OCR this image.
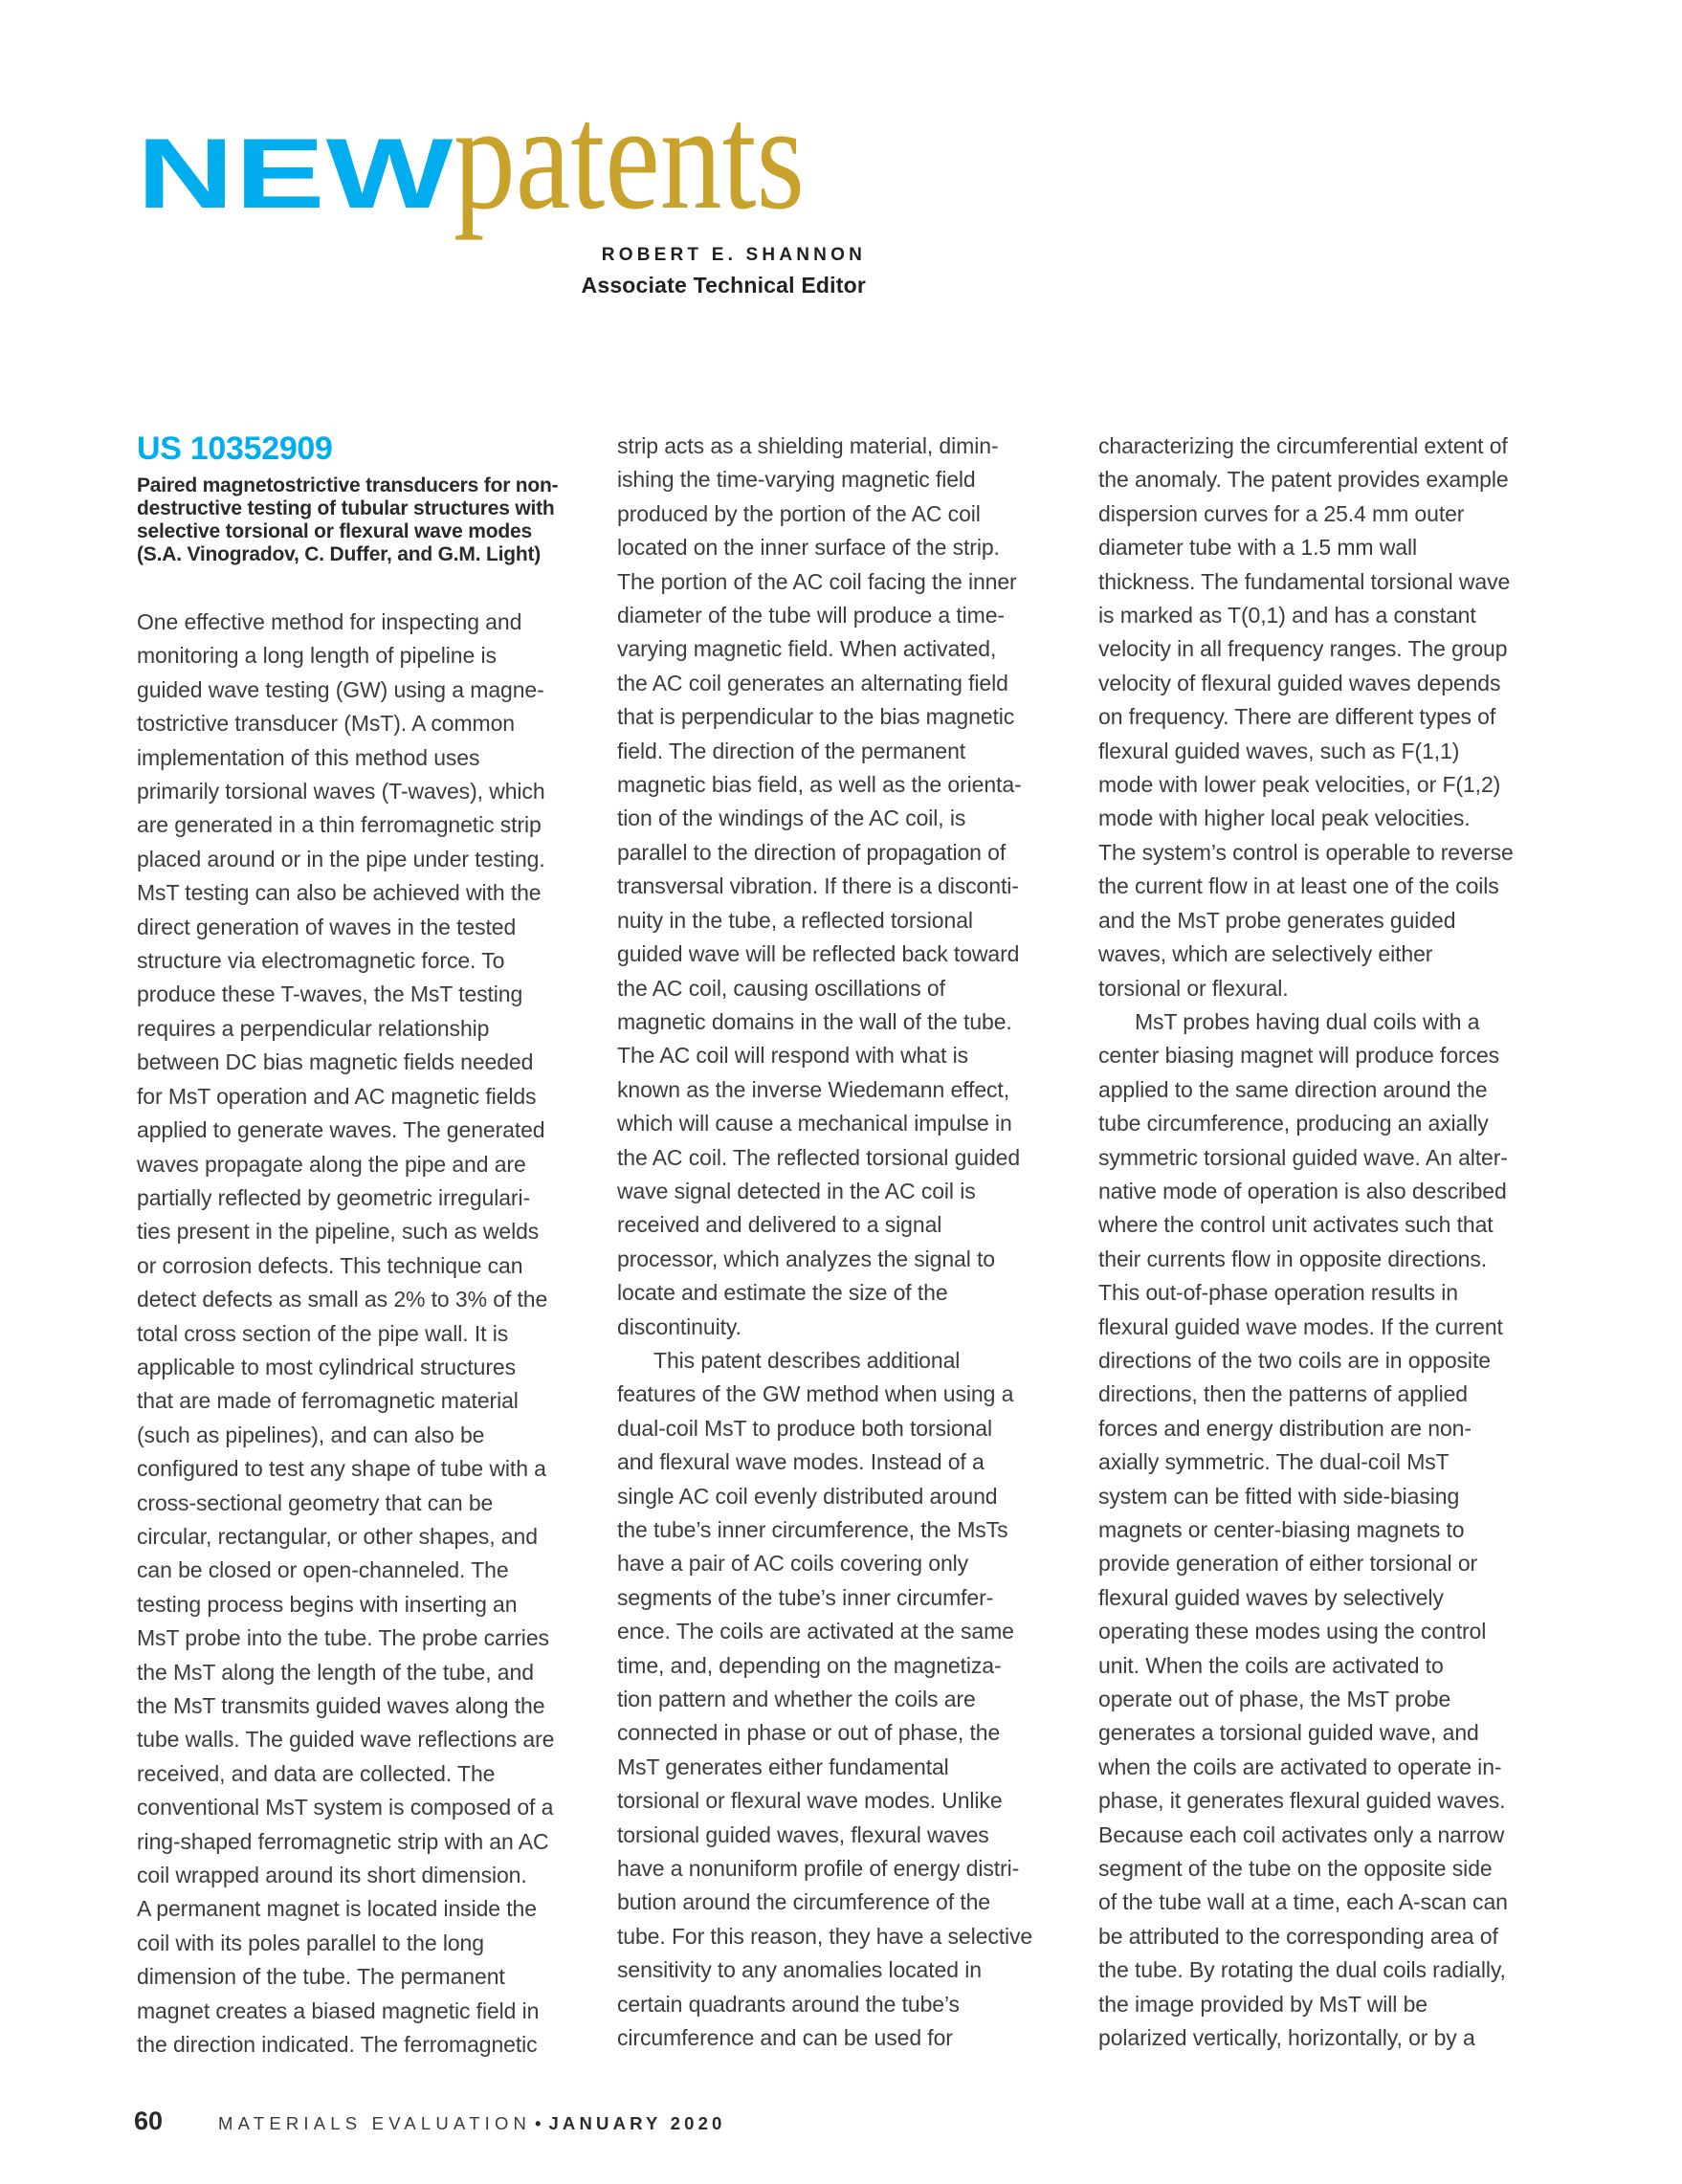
NEW patents
ROBERT E. SHANNON
Associate Technical Editor
US 10352909
Paired magnetostrictive transducers for non-
destructive testing of tubular structures with
selective torsional or flexural wave modes
(S.A. Vinogradov, C. Duffer, and G.M. Light)
One effective method for inspecting and
monitoring a long length of pipeline is
guided wave testing (GW) using a magne-
tostrictive transducer (MsT). A common
implementation of this method uses
primarily torsional waves (T-waves), which
are generated in a thin ferromagnetic strip
placed around or in the pipe under testing.
MsT testing can also be achieved with the
direct generation of waves in the tested
structure via electromagnetic force. To
produce these T-waves, the MsT testing
requires a perpendicular relationship
between DC bias magnetic fields needed
for MsT operation and AC magnetic fields
applied to generate waves. The generated
waves propagate along the pipe and are
partially reflected by geometric irregulari-
ties present in the pipeline, such as welds
or corrosion defects. This technique can
detect defects as small as 2% to 3% of the
total cross section of the pipe wall. It is
applicable to most cylindrical structures
that are made of ferromagnetic material
(such as pipelines), and can also be
configured to test any shape of tube with a
cross-sectional geometry that can be
circular, rectangular, or other shapes, and
can be closed or open-channeled. The
testing process begins with inserting an
MsT probe into the tube. The probe carries
the MsT along the length of the tube, and
the MsT transmits guided waves along the
tube walls. The guided wave reflections are
received, and data are collected. The
conventional MsT system is composed of a
ring-shaped ferromagnetic strip with an AC
coil wrapped around its short dimension.
A permanent magnet is located inside the
coil with its poles parallel to the long
dimension of the tube. The permanent
magnet creates a biased magnetic field in
the direction indicated. The ferromagnetic
strip acts as a shielding material, dimin-
ishing the time-varying magnetic field
produced by the portion of the AC coil
located on the inner surface of the strip.
The portion of the AC coil facing the inner
diameter of the tube will produce a time-
varying magnetic field. When activated,
the AC coil generates an alternating field
that is perpendicular to the bias magnetic
field. The direction of the permanent
magnetic bias field, as well as the orienta-
tion of the windings of the AC coil, is
parallel to the direction of propagation of
transversal vibration. If there is a disconti-
nuity in the tube, a reflected torsional
guided wave will be reflected back toward
the AC coil, causing oscillations of
magnetic domains in the wall of the tube.
The AC coil will respond with what is
known as the inverse Wiedemann effect,
which will cause a mechanical impulse in
the AC coil. The reflected torsional guided
wave signal detected in the AC coil is
received and delivered to a signal
processor, which analyzes the signal to
locate and estimate the size of the
discontinuity.
This patent describes additional
features of the GW method when using a
dual-coil MsT to produce both torsional
and flexural wave modes. Instead of a
single AC coil evenly distributed around
the tube’s inner circumference, the MsTs
have a pair of AC coils covering only
segments of the tube’s inner circumfer-
ence. The coils are activated at the same
time, and, depending on the magnetiza-
tion pattern and whether the coils are
connected in phase or out of phase, the
MsT generates either fundamental
torsional or flexural wave modes. Unlike
torsional guided waves, flexural waves
have a nonuniform profile of energy distri-
bution around the circumference of the
tube. For this reason, they have a selective
sensitivity to any anomalies located in
certain quadrants around the tube’s
circumference and can be used for
characterizing the circumferential extent of
the anomaly. The patent provides example
dispersion curves for a 25.4 mm outer
diameter tube with a 1.5 mm wall
thickness. The fundamental torsional wave
is marked as T(0,1) and has a constant
velocity in all frequency ranges. The group
velocity of flexural guided waves depends
on frequency. There are different types of
flexural guided waves, such as F(1,1)
mode with lower peak velocities, or F(1,2)
mode with higher local peak velocities.
The system’s control is operable to reverse
the current flow in at least one of the coils
and the MsT probe generates guided
waves, which are selectively either
torsional or flexural.
MsT probes having dual coils with a
center biasing magnet will produce forces
applied to the same direction around the
tube circumference, producing an axially
symmetric torsional guided wave. An alter-
native mode of operation is also described
where the control unit activates such that
their currents flow in opposite directions.
This out-of-phase operation results in
flexural guided wave modes. If the current
directions of the two coils are in opposite
directions, then the patterns of applied
forces and energy distribution are non-
axially symmetric. The dual-coil MsT
system can be fitted with side-biasing
magnets or center-biasing magnets to
provide generation of either torsional or
flexural guided waves by selectively
operating these modes using the control
unit. When the coils are activated to
operate out of phase, the MsT probe
generates a torsional guided wave, and
when the coils are activated to operate in-
phase, it generates flexural guided waves.
Because each coil activates only a narrow
segment of the tube on the opposite side
of the tube wall at a time, each A-scan can
be attributed to the corresponding area of
the tube. By rotating the dual coils radially,
the image provided by MsT will be
polarized vertically, horizontally, or by a
60	MATERIALS EVALUATION • JANUARY 2020
